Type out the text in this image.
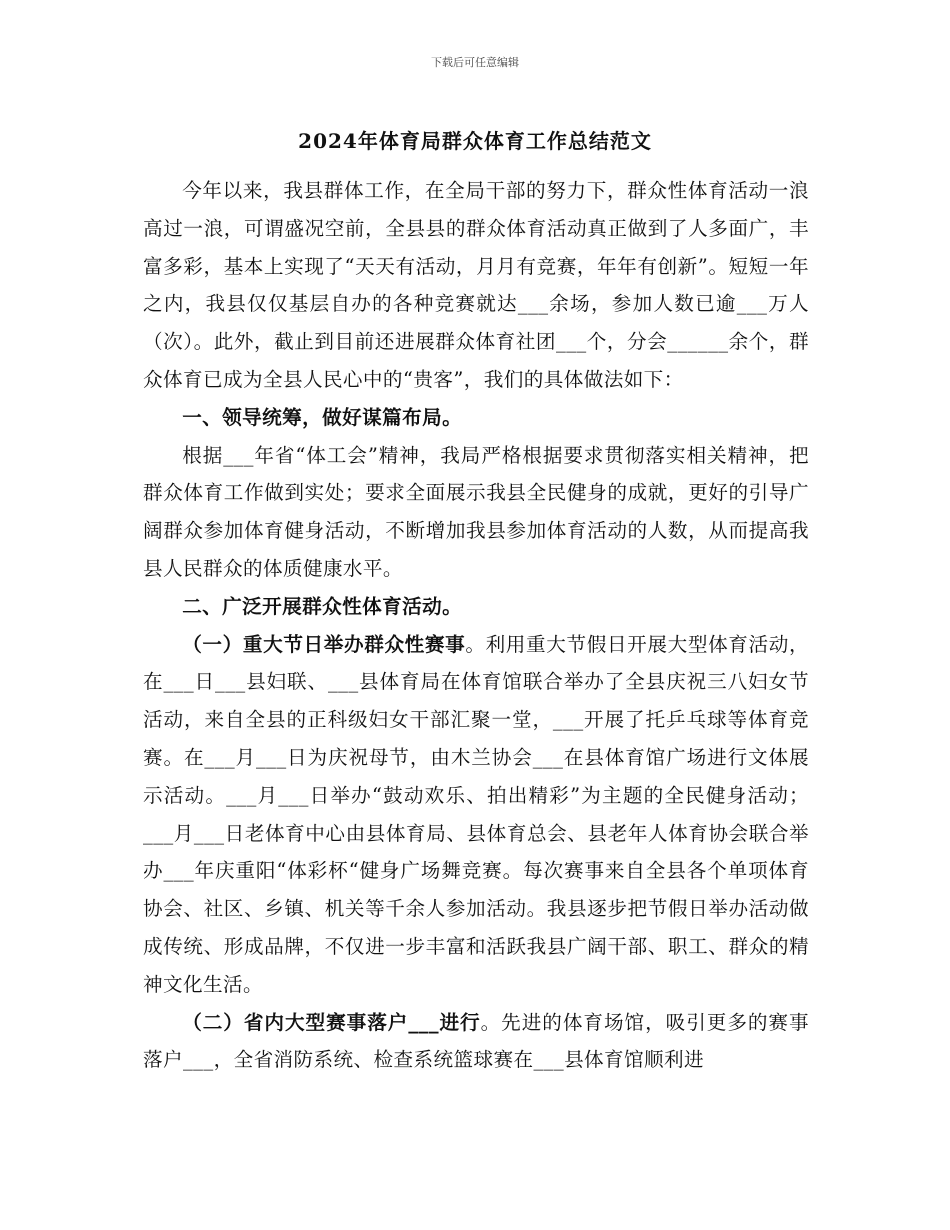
下载后可任意编辑
2024年体育局群众体育工作总结范文

今年以来，我县群体工作，在全局干部的努力下，群众性体育活动一浪高过一浪，可谓盛况空前，全县县的群众体育活动真正做到了人多面广，丰富多彩，基本上实现了“天天有活动，月月有竞赛，年年有创新”。短短一年之内，我县仅仅基层自办的各种竞赛就达___余场，参加人数已逾___万人（次）。此外，截止到目前还进展群众体育社团___个，分会______余个，群众体育已成为全县人民心中的“贵客”，我们的具体做法如下：

一、领导统筹，做好谋篇布局。

根据___年省“体工会”精神，我局严格根据要求贯彻落实相关精神，把群众体育工作做到实处；要求全面展示我县全民健身的成就，更好的引导广阔群众参加体育健身活动，不断增加我县参加体育活动的人数，从而提高我县人民群众的体质健康水平。

二、广泛开展群众性体育活动。

（一）重大节日举办群众性赛事。利用重大节假日开展大型体育活动，在___日___县妇联、___县体育局在体育馆联合举办了全县庆祝三八妇女节活动，来自全县的正科级妇女干部汇聚一堂，___开展了托乒乓球等体育竞赛。在___月___日为庆祝母节，由木兰协会___在县体育馆广场进行文体展示活动。___月___日举办“鼓动欢乐、拍出精彩”为主题的全民健身活动；___月___日老体育中心由县体育局、县体育总会、县老年人体育协会联合举办___年庆重阳“体彩杯“健身广场舞竞赛。每次赛事来自全县各个单项体育协会、社区、乡镇、机关等千余人参加活动。我县逐步把节假日举办活动做成传统、形成品牌，不仅进一步丰富和活跃我县广阔干部、职工、群众的精神文化生活。

（二）省内大型赛事落户___进行。先进的体育场馆，吸引更多的赛事落户___，全省消防系统、检查系统篮球赛在___县体育馆顺利进
